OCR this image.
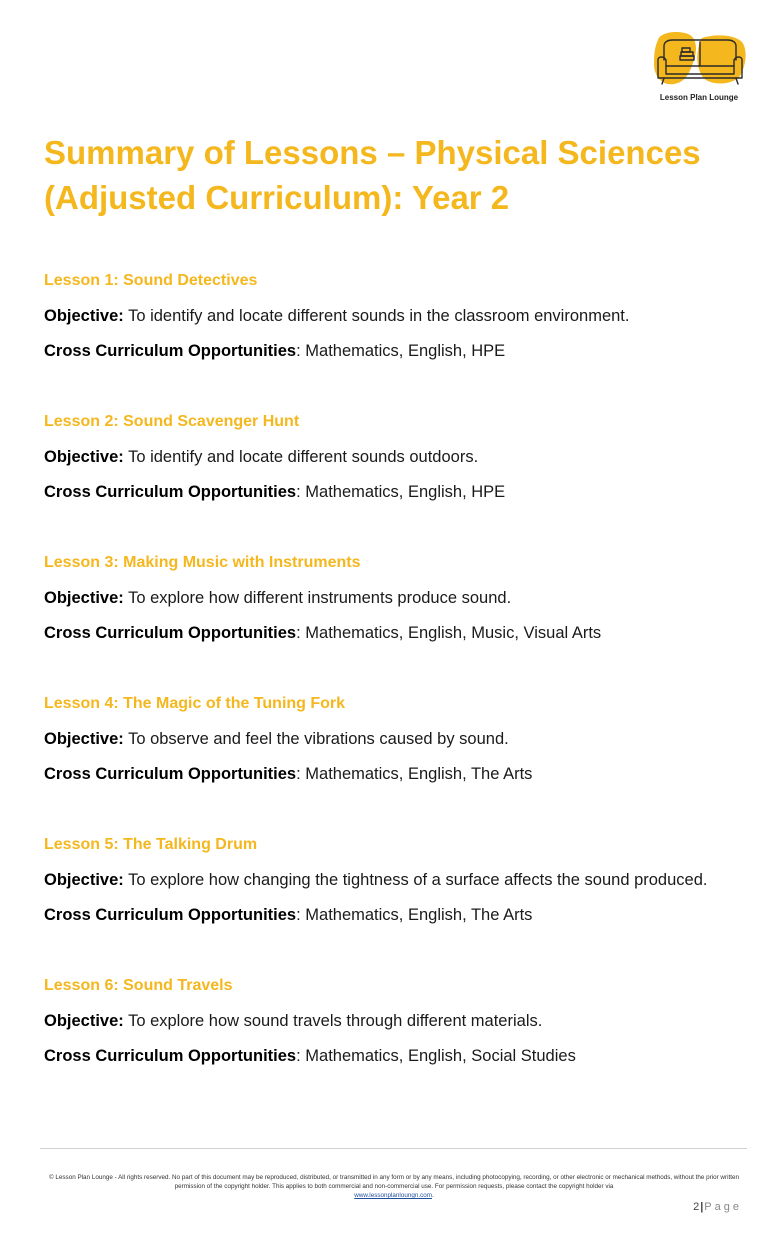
Lesson Plan Lounge
Summary of Lessons – Physical Sciences
(Adjusted Curriculum): Year 2
Lesson 1: Sound Detectives
Objective: To identify and locate different sounds in the classroom environment.
Cross Curriculum Opportunities: Mathematics, English, HPE
Lesson 2: Sound Scavenger Hunt
Objective: To identify and locate different sounds outdoors.
Cross Curriculum Opportunities: Mathematics, English, HPE
Lesson 3: Making Music with Instruments
Objective: To explore how different instruments produce sound.
Cross Curriculum Opportunities: Mathematics, English, Music, Visual Arts
Lesson 4: The Magic of the Tuning Fork
Objective: To observe and feel the vibrations caused by sound.
Cross Curriculum Opportunities: Mathematics, English, The Arts
Lesson 5: The Talking Drum
Objective: To explore how changing the tightness of a surface affects the sound produced.
Cross Curriculum Opportunities: Mathematics, English, The Arts
Lesson 6: Sound Travels
Objective: To explore how sound travels through different materials.
Cross Curriculum Opportunities: Mathematics, English, Social Studies
© Lesson Plan Lounge - All rights reserved. No part of this document may be reproduced, distributed, or transmitted in any form or by any means, including photocopying, recording, or other electronic or mechanical methods, without the prior written permission of the copyright holder. This applies to both commercial and non-commercial use. For permission requests, please contact the copyright holder via
www.lessonplanloungn.com.
2|Page
